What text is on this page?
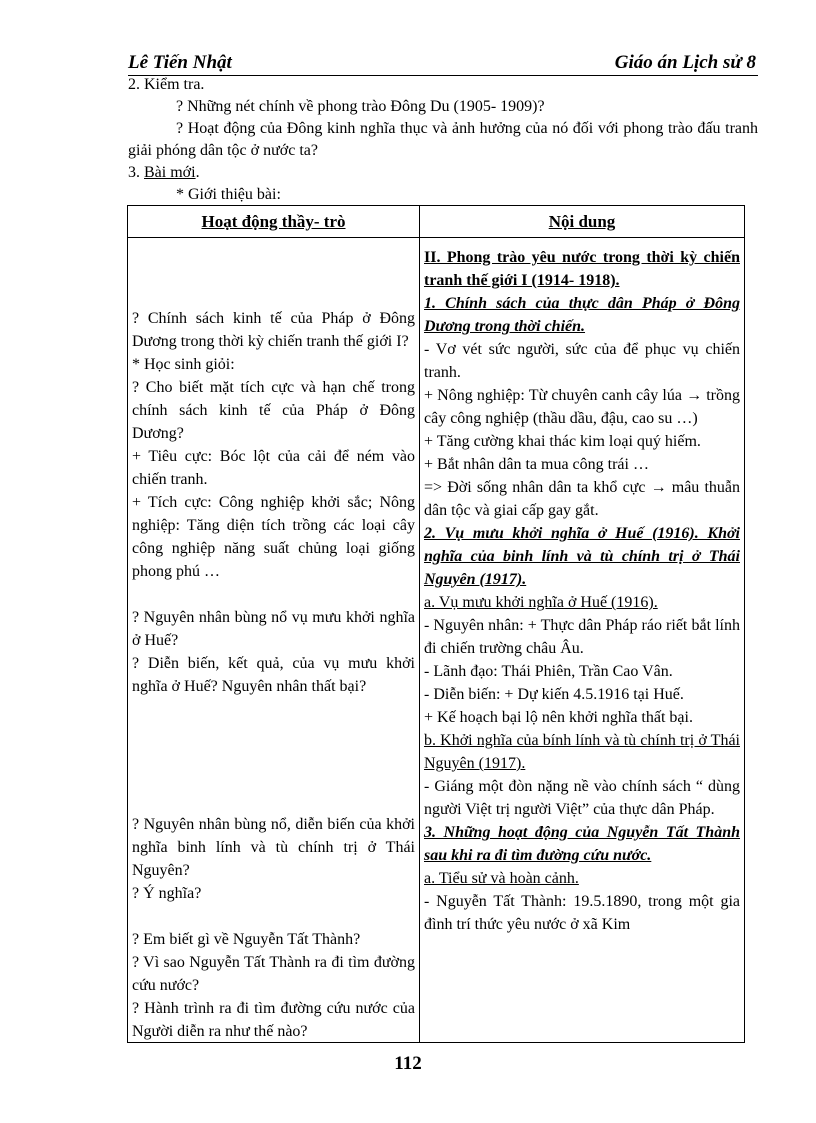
Lê Tiến Nhật	Giáo án Lịch sử 8

2. Kiểm tra.

? Những nét chính về phong trào Đông Du (1905- 1909)?

? Hoạt động của Đông kinh nghĩa thục và ảnh hưởng của nó đối với phong trào đấu tranh giải phóng dân tộc ở nước ta?

3. Bài mới.

* Giới thiệu bài:

Hoạt động thầy- trò

? Chính sách kinh tế của Pháp ở Đông Dương trong thời kỳ chiến tranh thế giới I?

* Học sinh giỏi:

? Cho biết mặt tích cực và hạn chế trong chính sách kinh tế của Pháp ở Đông Dương?

+ Tiêu cực: Bóc lột của cải để ném vào chiến tranh.

+ Tích cực: Công nghiệp khởi sắc; Nông nghiệp: Tăng diện tích trồng các loại cây công nghiệp năng suất chủng loại giống phong phú …

? Nguyên nhân bùng nổ vụ mưu khởi nghĩa ở Huế?

? Diễn biến, kết quả, của vụ mưu khởi nghĩa ở Huế? Nguyên nhân thất bại?

? Nguyên nhân bùng nổ, diễn biến của khởi nghĩa binh lính và tù chính trị ở Thái Nguyên?

? Ý nghĩa?

? Em biết gì về Nguyễn Tất Thành?

? Vì sao Nguyễn Tất Thành ra đi tìm đường cứu nước?

? Hành trình ra đi tìm đường cứu nước của Người diễn ra như thế nào?

Nội dung

II. Phong trào yêu nước trong thời kỳ chiến tranh thế giới I (1914- 1918).

1. Chính sách của thực dân Pháp ở Đông Dương trong thời chiến.

- Vơ vét sức người, sức của để phục vụ chiến tranh.

+ Nông nghiệp: Từ chuyên canh cây lúa → trồng cây công nghiệp (thầu dầu, đậu, cao su …)

+ Tăng cường khai thác kim loại quý hiếm.

+ Bắt nhân dân ta mua công trái …

=> Đời sống nhân dân ta khổ cực → mâu thuẫn dân tộc và giai cấp gay gắt.

2. Vụ mưu khởi nghĩa ở Huế (1916). Khởi nghĩa của binh lính và tù chính trị ở Thái Nguyên (1917).

a. Vụ mưu khởi nghĩa ở Huế (1916).

- Nguyên nhân: + Thực dân Pháp ráo riết bắt lính đi chiến trường châu Âu.

- Lãnh đạo: Thái Phiên, Trần Cao Vân.

- Diễn biến: + Dự kiến 4.5.1916 tại Huế.

+ Kế hoạch bại lộ nên khởi nghĩa thất bại.

b. Khởi nghĩa của bính lính và tù chính trị ở Thái Nguyên (1917).

- Giáng một đòn nặng nề vào chính sách “ dùng người Việt trị người Việt” của thực dân Pháp.

3. Những hoạt động của Nguyễn Tất Thành sau khi ra đi tìm đường cứu nước.

a. Tiểu sử và hoàn cảnh.

- Nguyễn Tất Thành: 19.5.1890, trong một gia đình trí thức yêu nước ở xã Kim

112
